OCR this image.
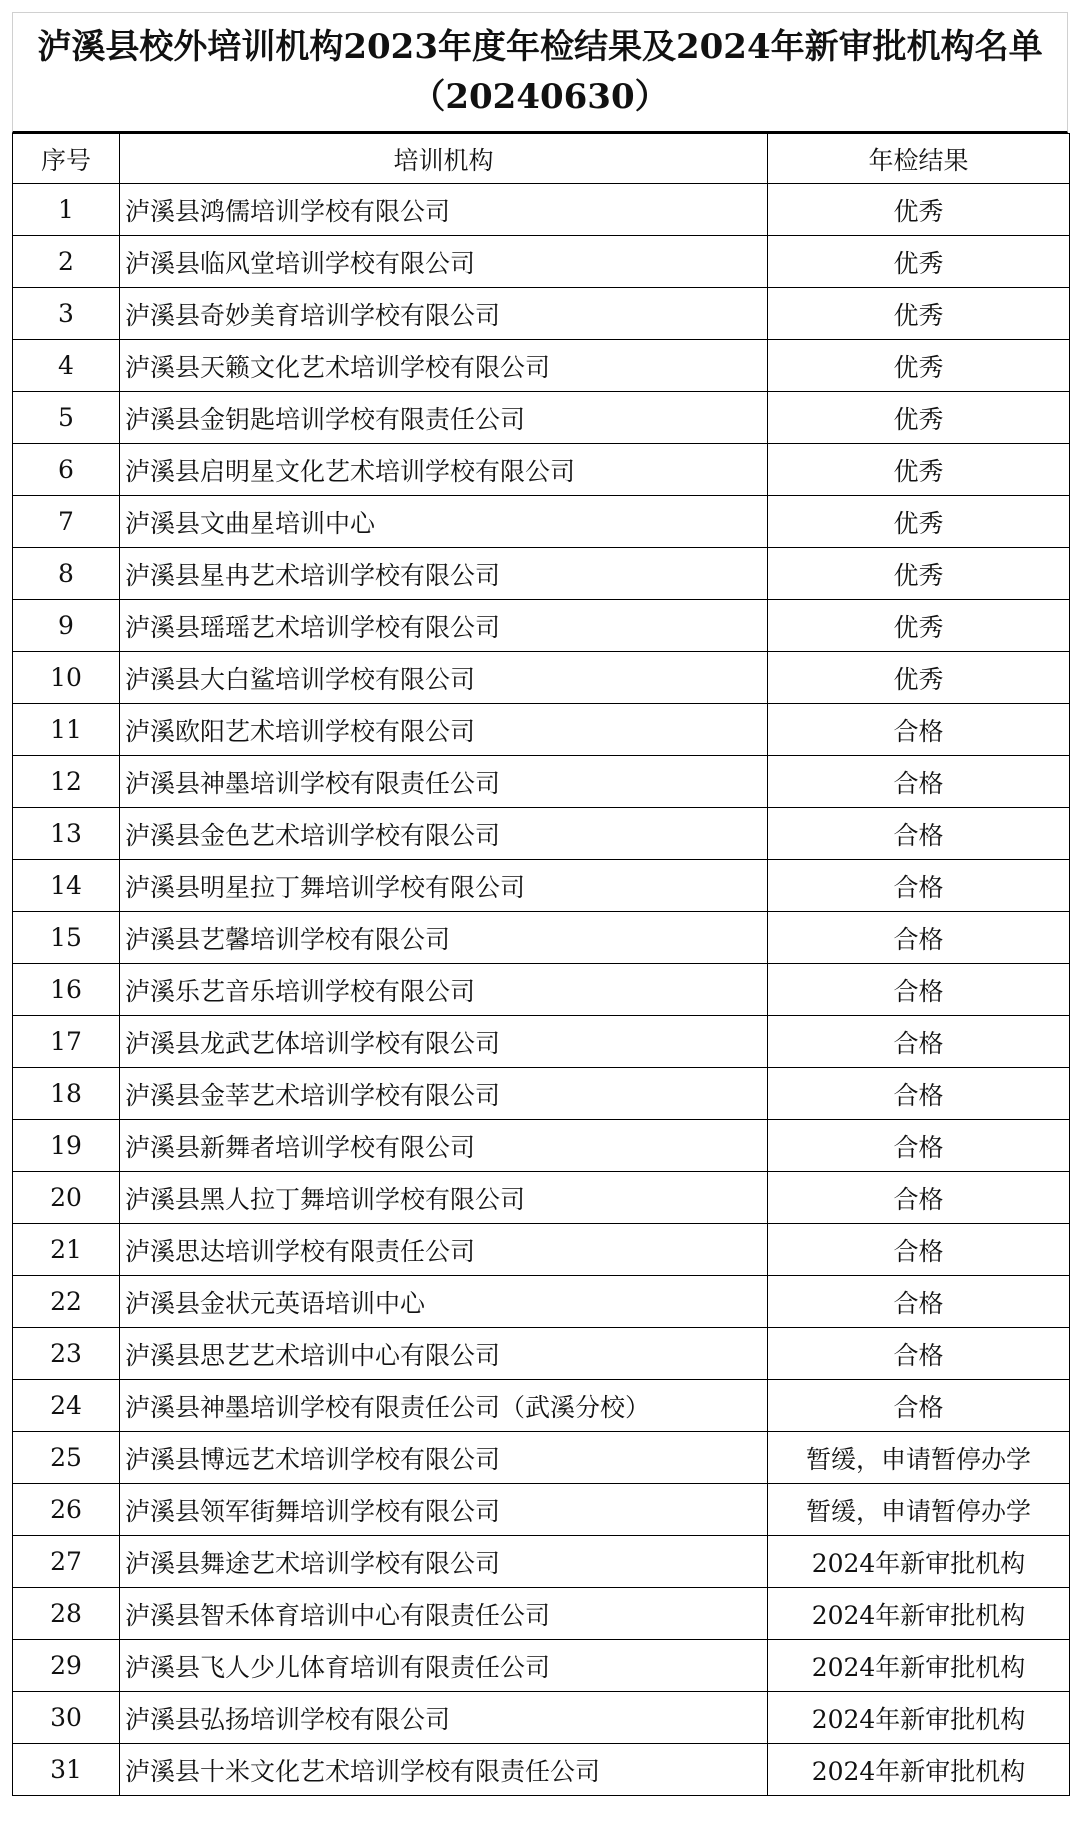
泸溪县校外培训机构2023年度年检结果及2024年新审批机构名单（20240630）
序号	培训机构	年检结果
1	泸溪县鸿儒培训学校有限公司	优秀
2	泸溪县临风堂培训学校有限公司	优秀
3	泸溪县奇妙美育培训学校有限公司	优秀
4	泸溪县天籁文化艺术培训学校有限公司	优秀
5	泸溪县金钥匙培训学校有限责任公司	优秀
6	泸溪县启明星文化艺术培训学校有限公司	优秀
7	泸溪县文曲星培训中心	优秀
8	泸溪县星冉艺术培训学校有限公司	优秀
9	泸溪县瑶瑶艺术培训学校有限公司	优秀
10	泸溪县大白鲨培训学校有限公司	优秀
11	泸溪欧阳艺术培训学校有限公司	合格
12	泸溪县神墨培训学校有限责任公司	合格
13	泸溪县金色艺术培训学校有限公司	合格
14	泸溪县明星拉丁舞培训学校有限公司	合格
15	泸溪县艺馨培训学校有限公司	合格
16	泸溪乐艺音乐培训学校有限公司	合格
17	泸溪县龙武艺体培训学校有限公司	合格
18	泸溪县金莘艺术培训学校有限公司	合格
19	泸溪县新舞者培训学校有限公司	合格
20	泸溪县黑人拉丁舞培训学校有限公司	合格
21	泸溪思达培训学校有限责任公司	合格
22	泸溪县金状元英语培训中心	合格
23	泸溪县思艺艺术培训中心有限公司	合格
24	泸溪县神墨培训学校有限责任公司（武溪分校）	合格
25	泸溪县博远艺术培训学校有限公司	暂缓，申请暂停办学
26	泸溪县领军街舞培训学校有限公司	暂缓，申请暂停办学
27	泸溪县舞途艺术培训学校有限公司	2024年新审批机构
28	泸溪县智禾体育培训中心有限责任公司	2024年新审批机构
29	泸溪县飞人少儿体育培训有限责任公司	2024年新审批机构
30	泸溪县弘扬培训学校有限公司	2024年新审批机构
31	泸溪县十米文化艺术培训学校有限责任公司	2024年新审批机构
